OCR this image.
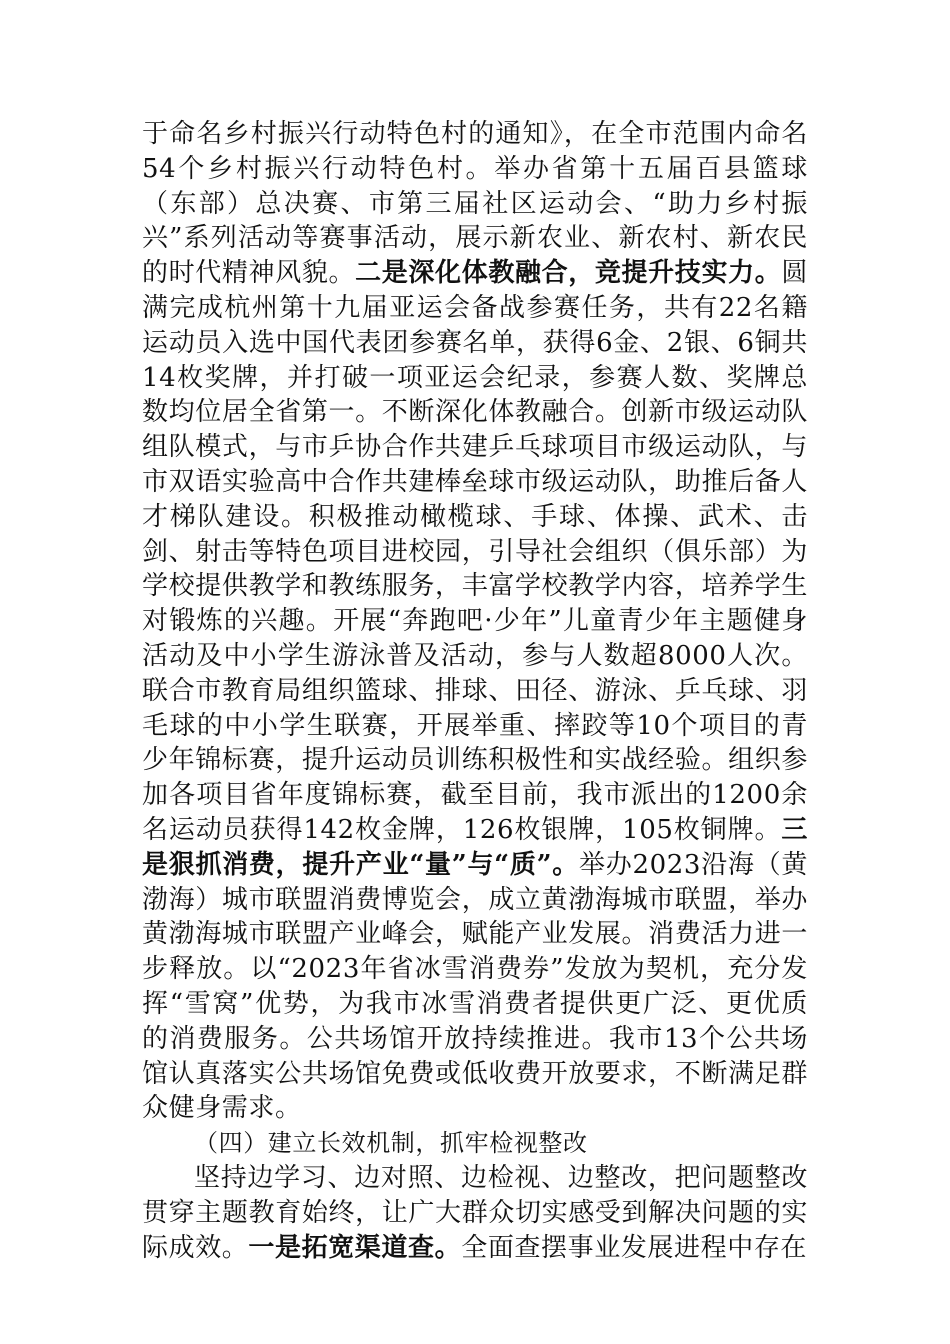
于命名乡村振兴行动特色村的通知》，在全市范围内命名54个乡村振兴行动特色村。举办省第十五届百县篮球（东部）总决赛、市第三届社区运动会、“助力乡村振兴”系列活动等赛事活动，展示新农业、新农村、新农民的时代精神风貌。二是深化体教融合，竞提升技实力。圆满完成杭州第十九届亚运会备战参赛任务，共有22名籍运动员入选中国代表团参赛名单，获得6金、2银、6铜共14枚奖牌，并打破一项亚运会纪录，参赛人数、奖牌总数均位居全省第一。不断深化体教融合。创新市级运动队组队模式，与市乒协合作共建乒乓球项目市级运动队，与市双语实验高中合作共建棒垒球市级运动队，助推后备人才梯队建设。积极推动橄榄球、手球、体操、武术、击剑、射击等特色项目进校园，引导社会组织（俱乐部）为学校提供教学和教练服务，丰富学校教学内容，培养学生对锻炼的兴趣。开展“奔跑吧·少年”儿童青少年主题健身活动及中小学生游泳普及活动，参与人数超8000人次。联合市教育局组织篮球、排球、田径、游泳、乒乓球、羽毛球的中小学生联赛，开展举重、摔跤等10个项目的青少年锦标赛，提升运动员训练积极性和实战经验。组织参加各项目省年度锦标赛，截至目前，我市派出的1200余名运动员获得142枚金牌，126枚银牌，105枚铜牌。三是狠抓消费，提升产业“量”与“质”。举办2023沿海（黄渤海）城市联盟消费博览会，成立黄渤海城市联盟，举办黄渤海城市联盟产业峰会，赋能产业发展。消费活力进一步释放。以“2023年省冰雪消费券”发放为契机，充分发挥“雪窝”优势，为我市冰雪消费者提供更广泛、更优质的消费服务。公共场馆开放持续推进。我市13个公共场馆认真落实公共场馆免费或低收费开放要求，不断满足群众健身需求。

（四）建立长效机制，抓牢检视整改

坚持边学习、边对照、边检视、边整改，把问题整改贯穿主题教育始终，让广大群众切实感受到解决问题的实际成效。一是拓宽渠道查。全面查摆事业发展进程中存在
